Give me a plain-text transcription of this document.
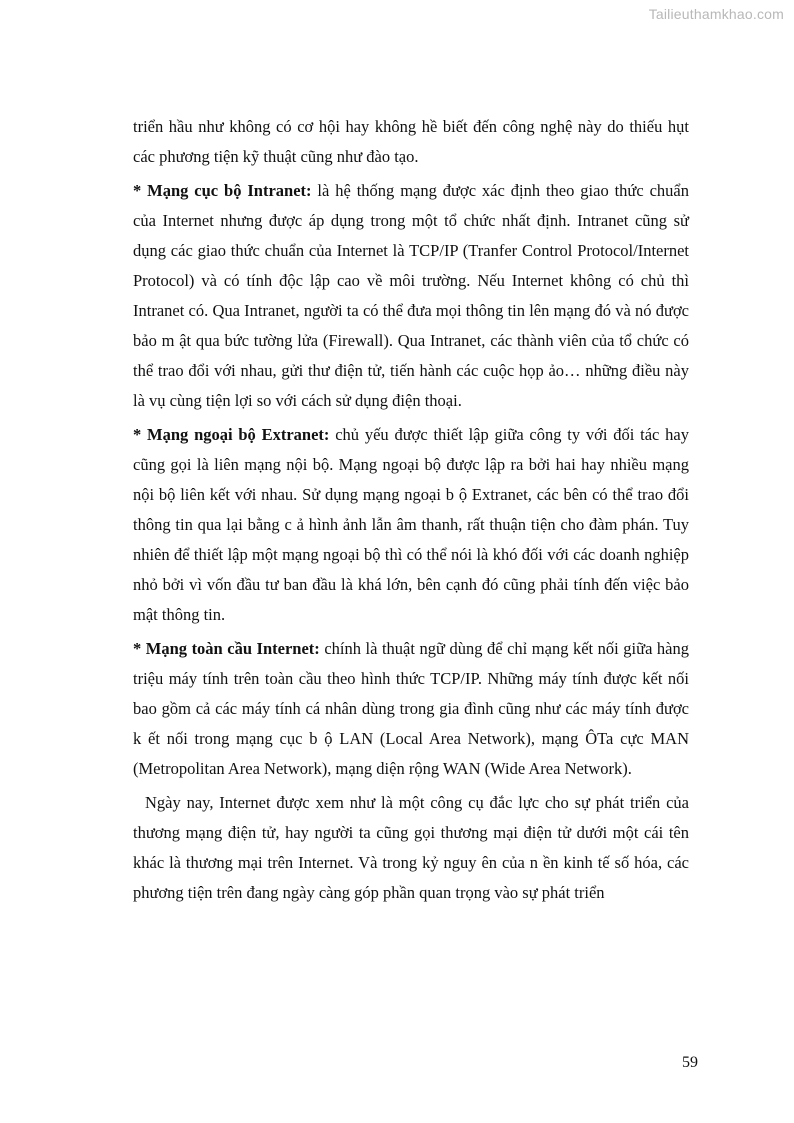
Tailieuthamkhao.com

triển hầu như không có cơ hội hay không hề biết đến công nghệ này do thiếu hụt các phương tiện kỹ thuật cũng như đào tạo.

* Mạng cục bộ Intranet: là hệ thống mạng được xác định theo giao thức chuẩn của Internet nhưng được áp dụng trong một tổ chức nhất định. Intranet cũng sử dụng các giao thức chuẩn của Internet là TCP/IP (Tranfer Control Protocol/Internet Protocol) và có tính độc lập cao về môi trường. Nếu Internet không có chủ thì Intranet có. Qua Intranet, người ta có thể đưa mọi thông tin lên mạng đó và nó được bảo m ật qua bức tường lửa (Firewall). Qua Intranet, các thành viên của tổ chức có thể trao đổi với nhau, gửi thư điện tử, tiến hành các cuộc họp ảo… những điều này là vụ cùng tiện lợi so với cách sử dụng điện thoại.

* Mạng ngoại bộ Extranet: chủ yếu được thiết lập giữa công ty với đối tác hay cũng gọi là liên mạng nội bộ. Mạng ngoại bộ được lập ra bởi hai hay nhiều mạng nội bộ liên kết với nhau. Sử dụng mạng ngoại b ộ Extranet, các bên có thể trao đổi thông tin qua lại bằng c ả hình ảnh lẫn âm thanh, rất thuận tiện cho đàm phán. Tuy nhiên để thiết lập một mạng ngoại bộ thì có thể nói là khó đối với các doanh nghiệp nhỏ bởi vì vốn đầu tư ban đầu là khá lớn, bên cạnh đó cũng phải tính đến việc bảo mật thông tin.

* Mạng toàn cầu Internet: chính là thuật ngữ dùng để chỉ mạng kết nối giữa hàng triệu máy tính trên toàn cầu theo hình thức TCP/IP. Những máy tính được kết nối bao gồm cả các máy tính cá nhân dùng trong gia đình cũng như các máy tính được k ết nối trong mạng cục b ộ LAN (Local Area Network), mạng ÔTa cực MAN (Metropolitan Area Network), mạng diện rộng WAN (Wide Area Network).

Ngày nay, Internet được xem như là một công cụ đắc lực cho sự phát triển của thương mạng điện tử, hay người ta cũng gọi thương mại điện tử dưới một cái tên khác là thương mại trên Internet. Và trong kỷ nguy ên của n ền kinh tế số hóa, các phương tiện trên đang ngày càng góp phần quan trọng vào sự phát triển

59
